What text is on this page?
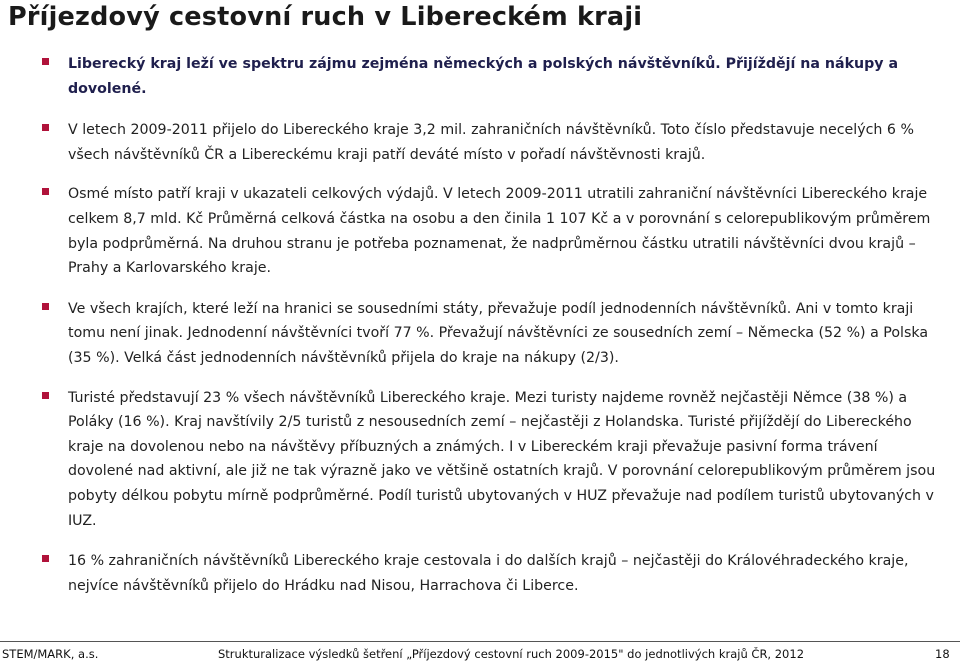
Příjezdový cestovní ruch v Libereckém kraji
Liberecký kraj leží ve spektru zájmu zejména německých a polských návštěvníků. Přijíždějí na nákupy a dovolené.
V letech 2009-2011 přijelo do Libereckého kraje 3,2 mil. zahraničních návštěvníků. Toto číslo představuje necelých 6 % všech návštěvníků ČR a Libereckému kraji patří deváté místo v pořadí návštěvnosti krajů.
Osmé místo patří kraji v ukazateli celkových výdajů. V letech 2009-2011 utratili zahraniční návštěvníci Libereckého kraje celkem 8,7 mld. Kč Průměrná celková částka na osobu a den činila 1 107 Kč a v porovnání s celorepublikovým průměrem byla podprůměrná. Na druhou stranu je potřeba poznamenat, že nadprůměrnou částku utratili návštěvníci dvou krajů – Prahy a Karlovarského kraje.
Ve všech krajích, které leží na hranici se sousedními státy, převažuje podíl jednodenních návštěvníků. Ani v tomto kraji tomu není jinak. Jednodenní návštěvníci tvoří 77 %. Převažují návštěvníci ze sousedních zemí – Německa (52 %) a Polska (35 %). Velká část jednodenních návštěvníků přijela do kraje na nákupy (2/3).
Turisté představují 23 % všech návštěvníků Libereckého kraje. Mezi turisty najdeme rovněž nejčastěji Němce (38 %) a Poláky (16 %). Kraj navštívily 2/5 turistů z nesousedních zemí – nejčastěji z Holandska. Turisté přijíždějí do Libereckého kraje na dovolenou nebo na návštěvy příbuzných a známých. I v Libereckém kraji převažuje pasivní forma trávení dovolené nad aktivní, ale již ne tak výrazně jako ve většině ostatních krajů. V porovnání celorepublikovým průměrem jsou pobyty délkou pobytu mírně podprůměrné. Podíl turistů ubytovaných v HUZ převažuje nad podílem turistů ubytovaných v IUZ.
16 % zahraničních návštěvníků Libereckého kraje cestovala i do dalších krajů – nejčastěji do Královéhradeckého kraje, nejvíce návštěvníků přijelo do Hrádku nad Nisou, Harrachova či Liberce.
STEM/MARK, a.s.	Strukturalizace výsledků šetření „Příjezdový cestovní ruch 2009-2015" do jednotlivých krajů ČR, 2012	18
